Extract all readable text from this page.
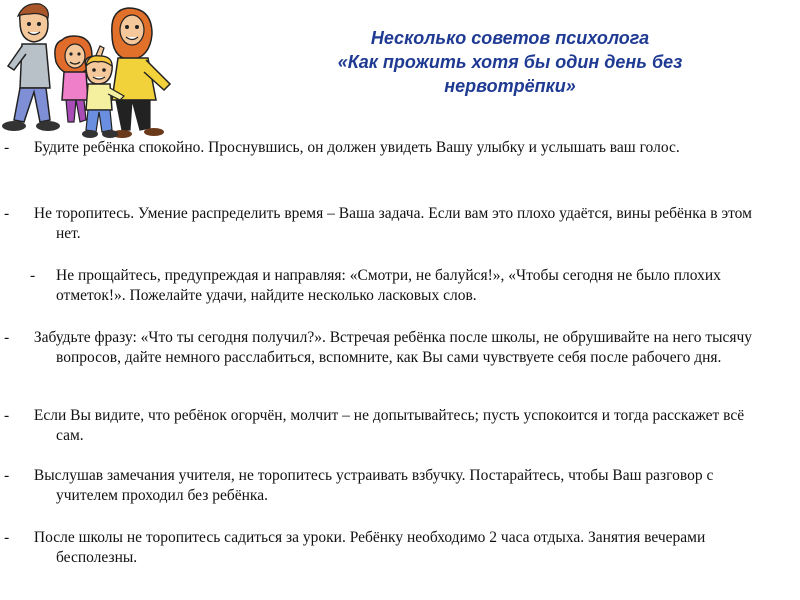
Несколько советов психолога
«Как прожить хотя бы один день без
нервотрёпки»

- Будите ребёнка спокойно. Проснувшись, он должен увидеть Вашу улыбку и услышать ваш голос.

- Не торопитесь. Умение распределить время – Ваша задача. Если вам это плохо удаётся, вины ребёнка в этом нет.

- Не прощайтесь, предупреждая и направляя: «Смотри, не балуйся!», «Чтобы сегодня не было плохих отметок!». Пожелайте удачи, найдите несколько ласковых слов.

- Забудьте фразу: «Что ты сегодня получил?». Встречая ребёнка после школы, не обрушивайте на него тысячу вопросов, дайте немного расслабиться, вспомните, как Вы сами чувствуете себя после рабочего дня.

- Если Вы видите, что ребёнок огорчён, молчит – не допытывайтесь; пусть успокоится и тогда расскажет всё сам.

- Выслушав замечания учителя, не торопитесь устраивать взбучку. Постарайтесь, чтобы Ваш разговор с учителем проходил без ребёнка.

- После школы не торопитесь садиться за уроки. Ребёнку необходимо 2 часа отдыха. Занятия вечерами бесполезны.
